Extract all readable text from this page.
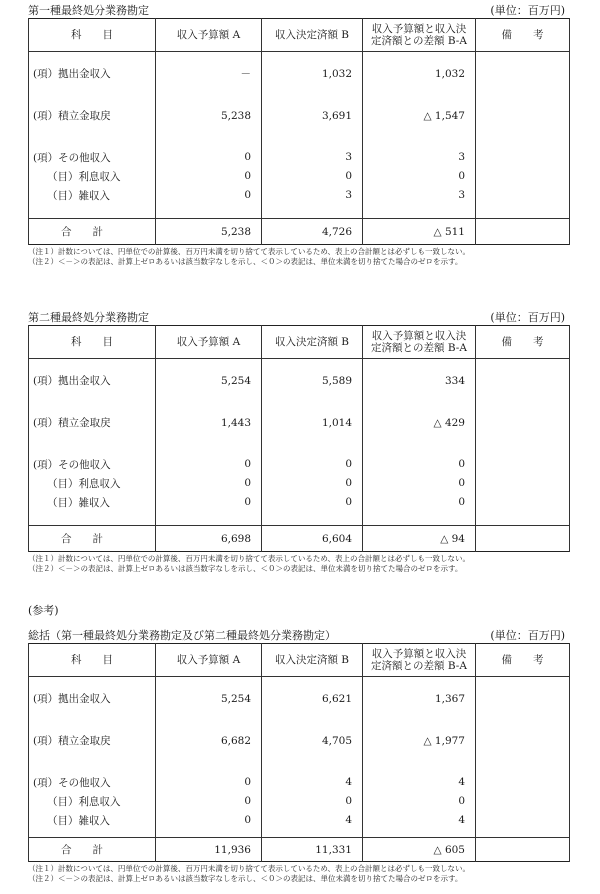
第一種最終処分業務勘定	(単位：百万円)
科　　目	収入予算額 A	収入決定済額 B	収入予算額と収入決
定済額との差額 B-A	備　　考

(項）拠出金収入	－	1,032	1,032	

(項）積立金取戻	5,238	3,691	△ 1,547	

(項）その他収入	0	3	3	
（目）利息収入	0	0	0	
（目）雑収入	0	3	3	

合　　計	5,238	4,726	△ 511	
（注１）計数については、円単位での計算後、百万円未満を切り捨てて表示しているため、表上の合計額とは必ずしも一致しない。
（注２）＜－＞の表記は、計算上ゼロあるいは該当数字なしを示し、＜０＞の表記は、単位未満を切り捨てた場合のゼロを示す。
第二種最終処分業務勘定	(単位：百万円)
科　　目	収入予算額 A	収入決定済額 B	収入予算額と収入決
定済額との差額 B-A	備　　考

(項）拠出金収入	5,254	5,589	334	

(項）積立金取戻	1,443	1,014	△ 429	

(項）その他収入	0	0	0	
（目）利息収入	0	0	0	
（目）雑収入	0	0	0	

合　　計	6,698	6,604	△ 94	
（注１）計数については、円単位での計算後、百万円未満を切り捨てて表示しているため、表上の合計額とは必ずしも一致しない。
（注２）＜－＞の表記は、計算上ゼロあるいは該当数字なしを示し、＜０＞の表記は、単位未満を切り捨てた場合のゼロを示す。
(参考)
総括（第一種最終処分業務勘定及び第二種最終処分業務勘定）	(単位：百万円)
科　　目	収入予算額 A	収入決定済額 B	収入予算額と収入決
定済額との差額 B-A	備　　考

(項）拠出金収入	5,254	6,621	1,367	

(項）積立金取戻	6,682	4,705	△ 1,977	

(項）その他収入	0	4	4	
（目）利息収入	0	0	0	
（目）雑収入	0	4	4	

合　　計	11,936	11,331	△ 605	
（注１）計数については、円単位での計算後、百万円未満を切り捨てて表示しているため、表上の合計額とは必ずしも一致しない。
（注２）＜－＞の表記は、計算上ゼロあるいは該当数字なしを示し、＜０＞の表記は、単位未満を切り捨てた場合のゼロを示す。
